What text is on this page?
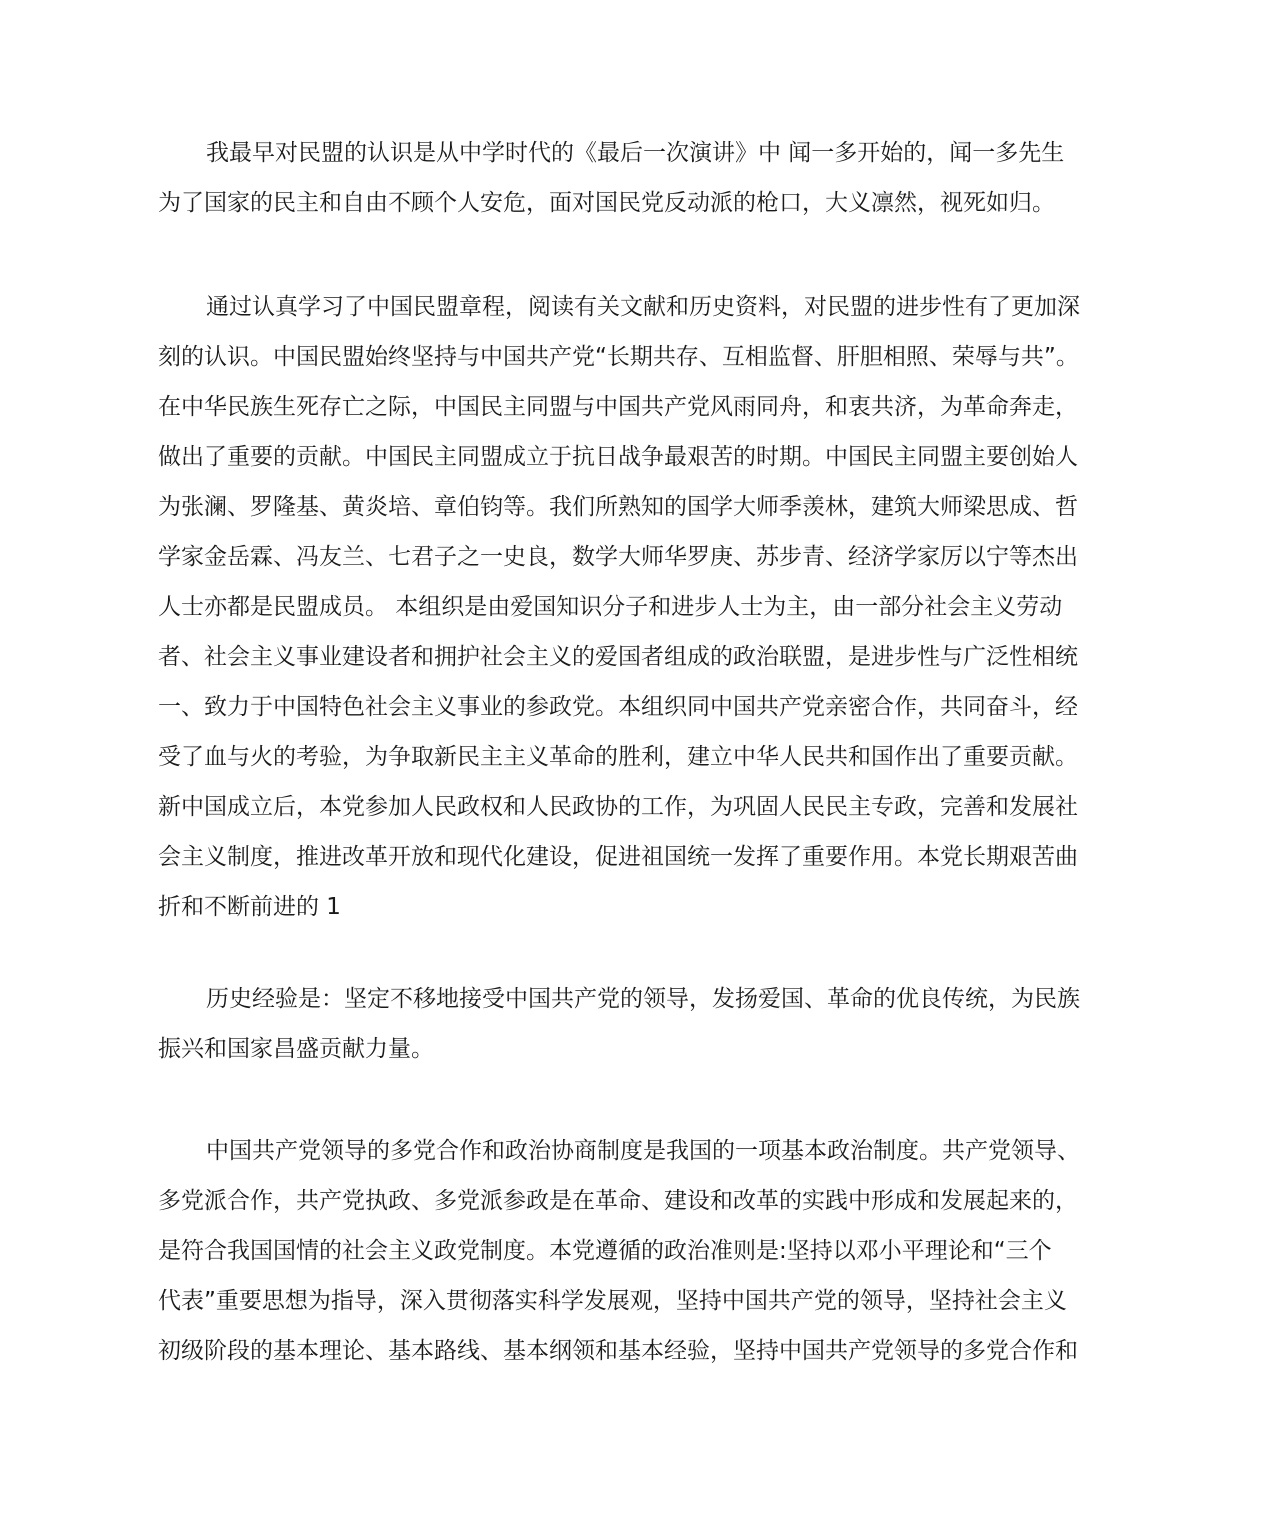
我最早对民盟的认识是从中学时代的《最后一次演讲》中 闻一多开始的，闻一多先生
为了国家的民主和自由不顾个人安危，面对国民党反动派的枪口，大义凛然，视死如归。
通过认真学习了中国民盟章程，阅读有关文献和历史资料，对民盟的进步性有了更加深
刻的认识。中国民盟始终坚持与中国共产党“长期共存、互相监督、肝胆相照、荣辱与共”。
在中华民族生死存亡之际，中国民主同盟与中国共产党风雨同舟，和衷共济，为革命奔走，
做出了重要的贡献。中国民主同盟成立于抗日战争最艰苦的时期。中国民主同盟主要创始人
为张澜、罗隆基、黄炎培、章伯钧等。我们所熟知的国学大师季羡林，建筑大师梁思成、哲
学家金岳霖、冯友兰、七君子之一史良，数学大师华罗庚、苏步青、经济学家厉以宁等杰出
人士亦都是民盟成员。 本组织是由爱国知识分子和进步人士为主，由一部分社会主义劳动
者、社会主义事业建设者和拥护社会主义的爱国者组成的政治联盟，是进步性与广泛性相统
一、致力于中国特色社会主义事业的参政党。本组织同中国共产党亲密合作，共同奋斗，经
受了血与火的考验，为争取新民主主义革命的胜利，建立中华人民共和国作出了重要贡献。
新中国成立后，本党参加人民政权和人民政协的工作，为巩固人民民主专政，完善和发展社
会主义制度，推进改革开放和现代化建设，促进祖国统一发挥了重要作用。本党长期艰苦曲
折和不断前进的 1
历史经验是：坚定不移地接受中国共产党的领导，发扬爱国、革命的优良传统，为民族
振兴和国家昌盛贡献力量。
中国共产党领导的多党合作和政治协商制度是我国的一项基本政治制度。共产党领导、
多党派合作，共产党执政、多党派参政是在革命、建设和改革的实践中形成和发展起来的，
是符合我国国情的社会主义政党制度。本党遵循的政治准则是:坚持以邓小平理论和“三个
代表”重要思想为指导，深入贯彻落实科学发展观，坚持中国共产党的领导，坚持社会主义
初级阶段的基本理论、基本路线、基本纲领和基本经验，坚持中国共产党领导的多党合作和
